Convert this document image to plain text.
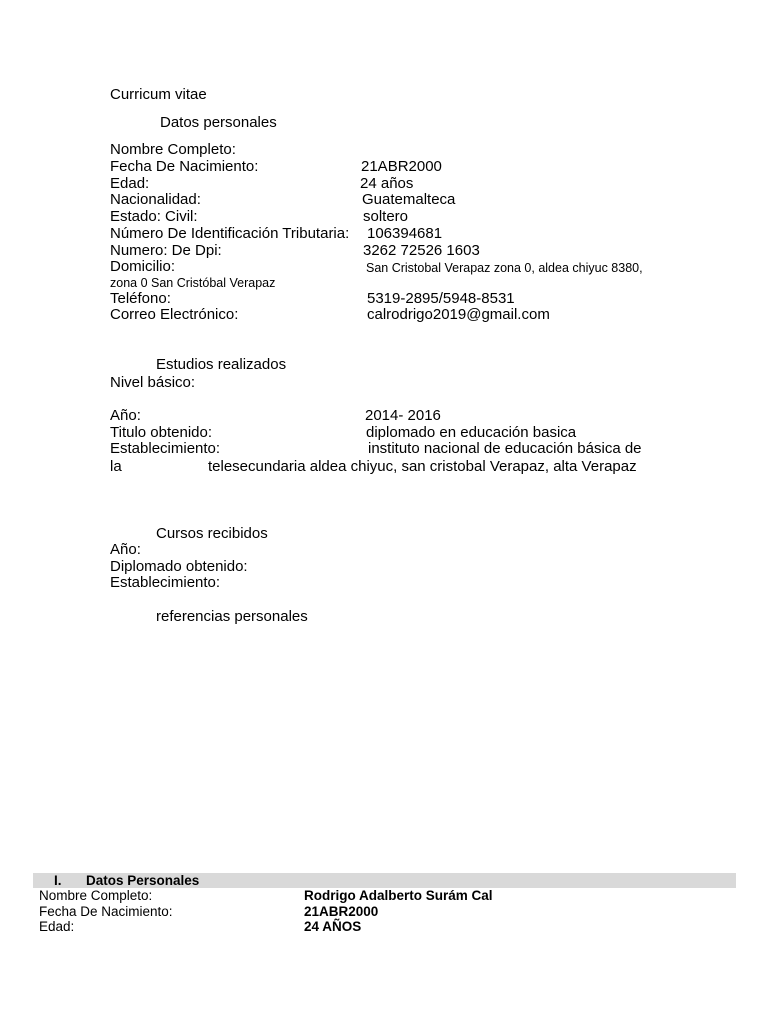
Curricum vitae
Datos personales
Nombre Completo:
Fecha De Nacimiento:	21ABR2000
Edad:	24 años
Nacionalidad:	Guatemalteca
Estado: Civil:	soltero
Número De Identificación Tributaria: 106394681
Numero: De Dpi:	3262 72526 1603
Domicilio:	San Cristobal Verapaz zona 0, aldea chiyuc 8380,
zona 0 San Cristóbal Verapaz
Teléfono:	5319-2895/5948-8531
Correo Electrónico:	calrodrigo2019@gmail.com
Estudios realizados
Nivel básico:
Año:	2014- 2016
Titulo obtenido:	diplomado en educación basica
Establecimiento:	instituto nacional de educación básica de
la	telesecundaria aldea chiyuc, san cristobal Verapaz, alta Verapaz
Cursos recibidos
Año:
Diplomado obtenido:
Establecimiento:
referencias personales
I. Datos Personales
Nombre Completo:	Rodrigo Adalberto Surám Cal
Fecha De Nacimiento:	21ABR2000
Edad:	24 AÑOS
